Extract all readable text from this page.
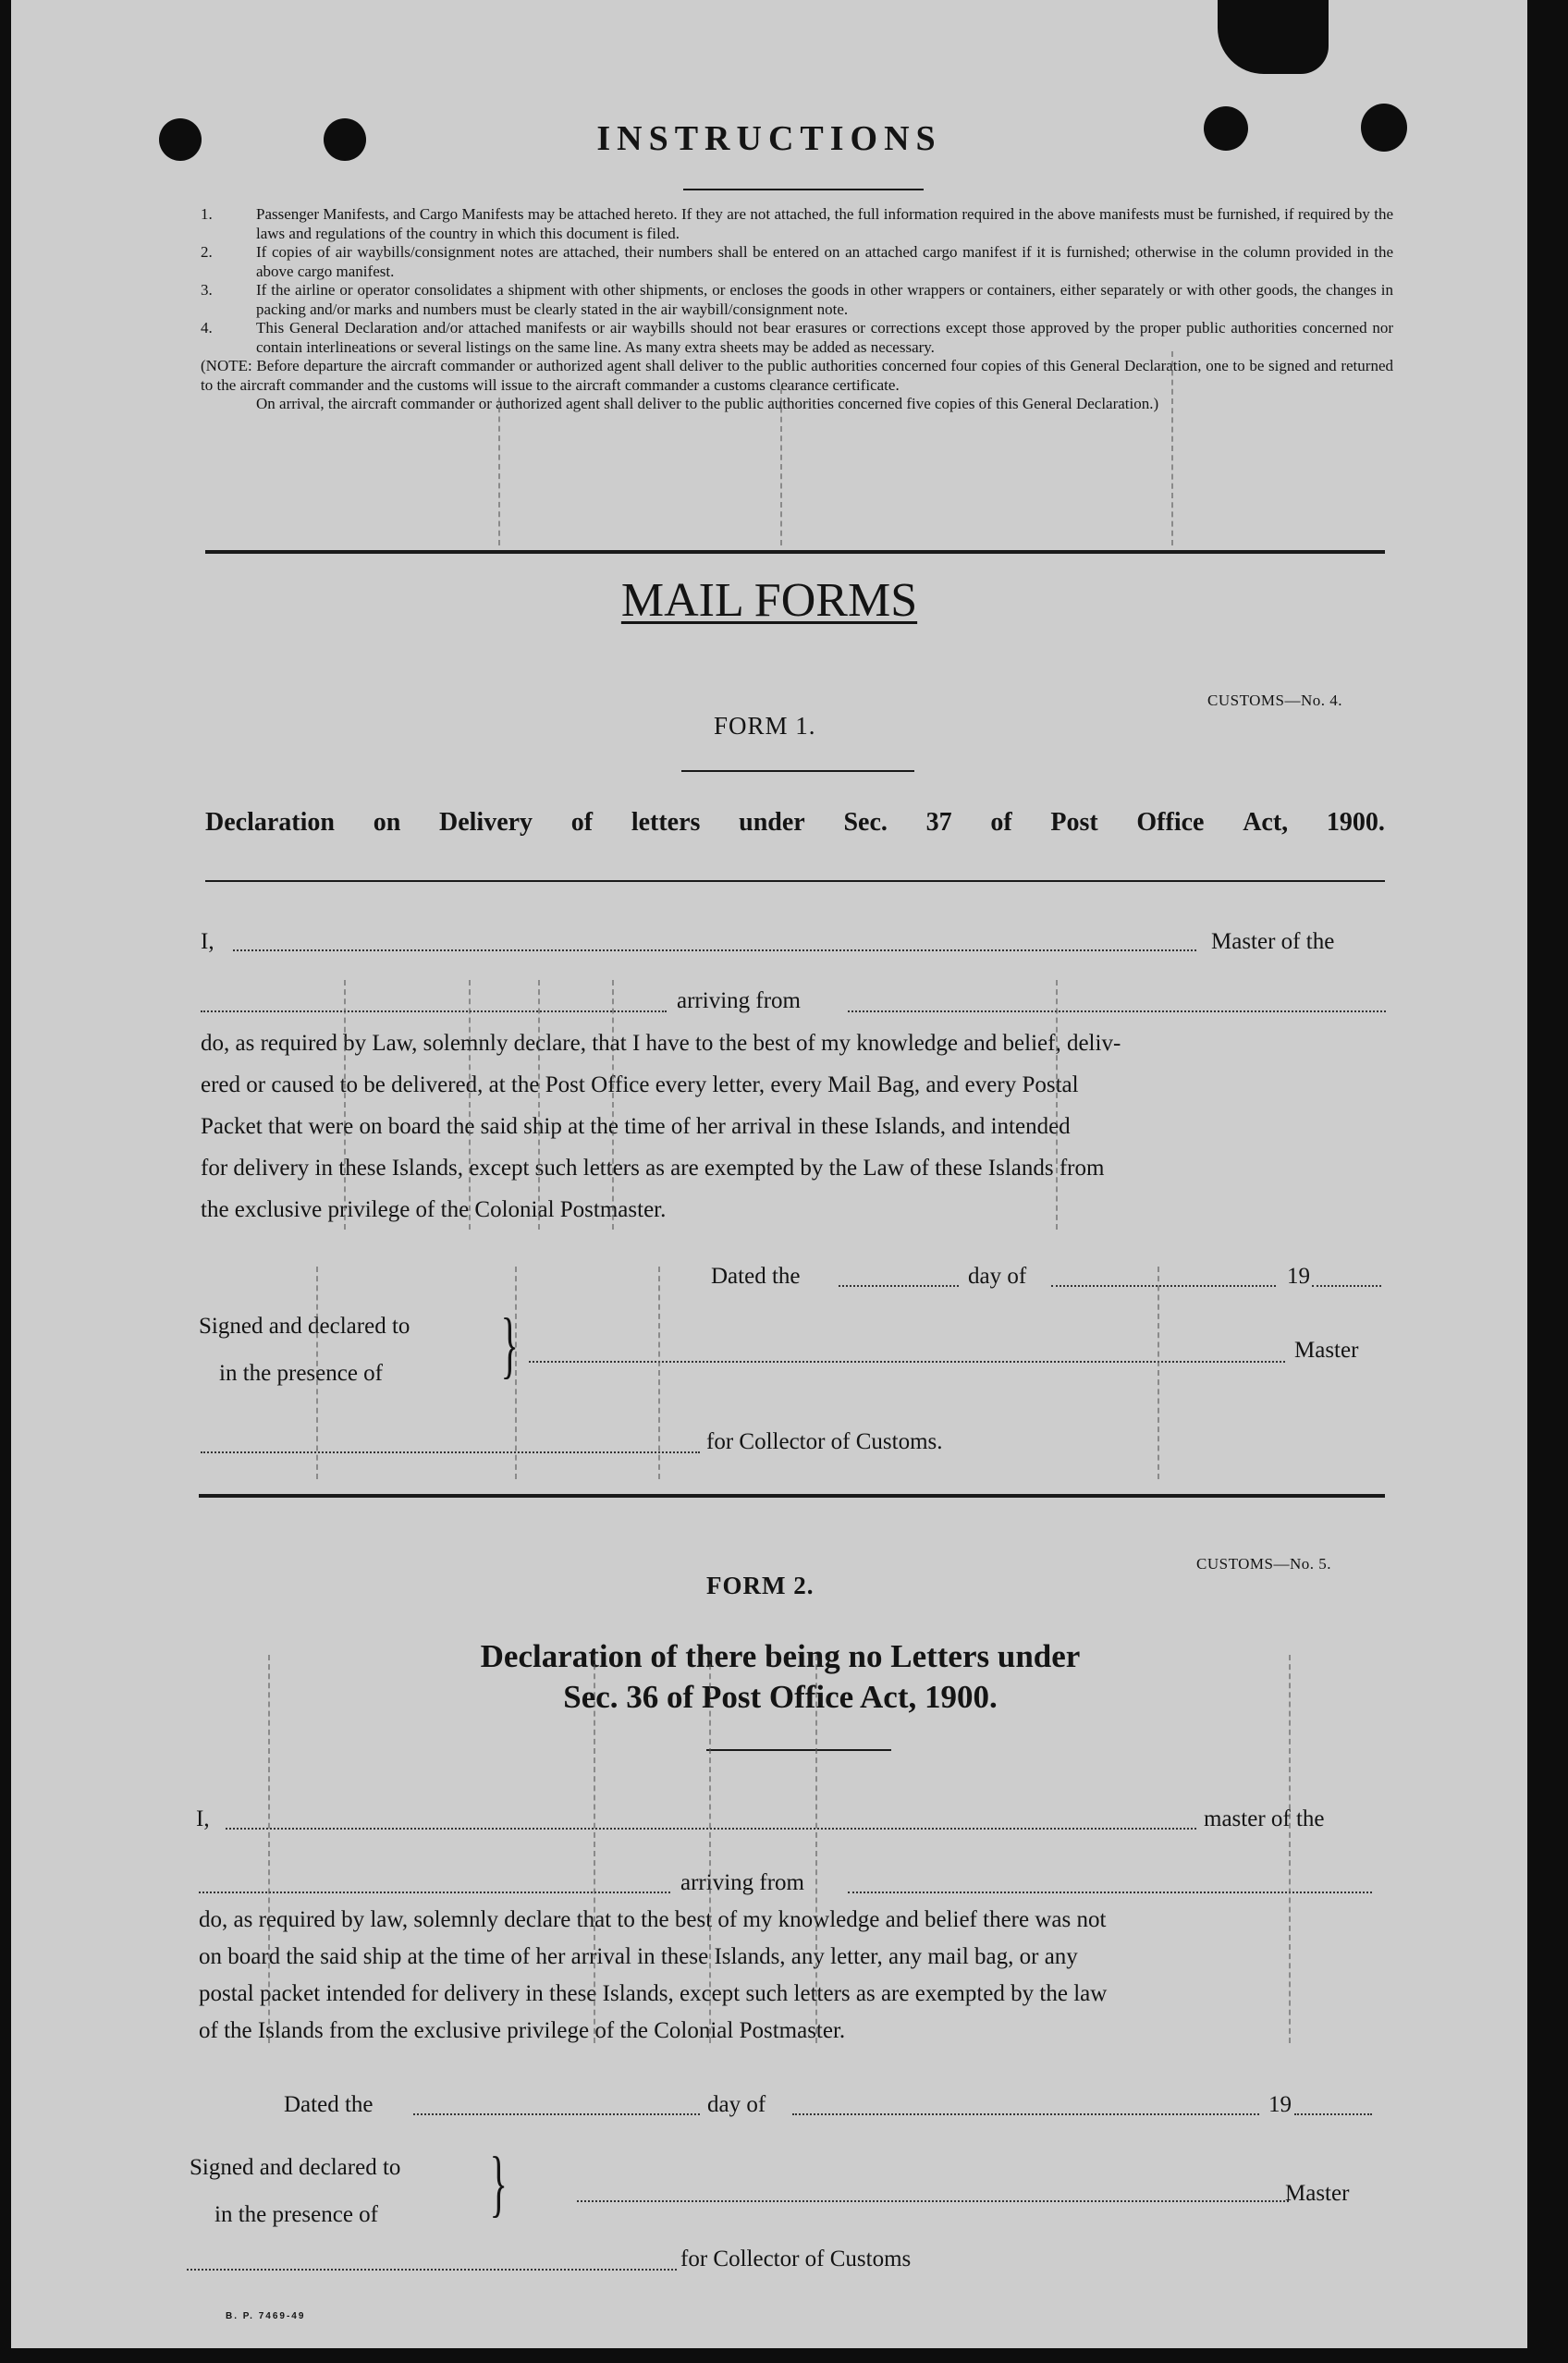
INSTRUCTIONS

1.	Passenger Manifests, and Cargo Manifests may be attached hereto. If they are not attached, the full information required in the above manifests must be furnished, if required by the laws and regulations of the country in which this document is filed.

2.	If copies of air waybills/consignment notes are attached, their numbers shall be entered on an attached cargo manifest if it is furnished; otherwise in the column provided in the above cargo manifest.

3.	If the airline or operator consolidates a shipment with other shipments, or encloses the goods in other wrappers or containers, either separately or with other goods, the changes in packing and/or marks and numbers must be clearly stated in the air waybill/consignment note.

4.	This General Declaration and/or attached manifests or air waybills should not bear erasures or corrections except those approved by the proper public authorities concerned nor contain interlineations or several listings on the same line. As many extra sheets may be added as necessary.

(NOTE: Before departure the aircraft commander or authorized agent shall deliver to the public authorities concerned four copies of this General Declaration, one to be signed and returned to the aircraft commander and the customs will issue to the aircraft commander a customs clearance certificate.
On arrival, the aircraft commander or authorized agent shall deliver to the public authorities concerned five copies of this General Declaration.)

MAIL FORMS
CUSTOMS—No. 4.
FORM 1.
Declaration on Delivery of letters under Sec. 37 of Post Office Act, 1900.
I,	Master of the
arriving from
do, as required by Law, solemnly declare, that I have to the best of my knowledge and belief, deliv-
ered or caused to be delivered, at the Post Office every letter, every Mail Bag, and every Postal
Packet that were on board the said ship at the time of her arrival in these Islands, and intended
for delivery in these Islands, except such letters as are exempted by the Law of these Islands from
the exclusive privilege of the Colonial Postmaster.
Dated the	day of	19
Signed and declared to
in the presence of }	Master
for Collector of Customs.
CUSTOMS—No. 5.
FORM 2.
Declaration of there being no Letters under
Sec. 36 of Post Office Act, 1900.
I,	master of the
arriving from
do, as required by law, solemnly declare that to the best of my knowledge and belief there was not
on board the said ship at the time of her arrival in these Islands, any letter, any mail bag, or any
postal packet intended for delivery in these Islands, except such letters as are exempted by the law
of the Islands from the exclusive privilege of the Colonial Postmaster.
Dated the	day of	19
Signed and declared to
in the presence of }	Master
for Collector of Customs
B. P. 7469-49
